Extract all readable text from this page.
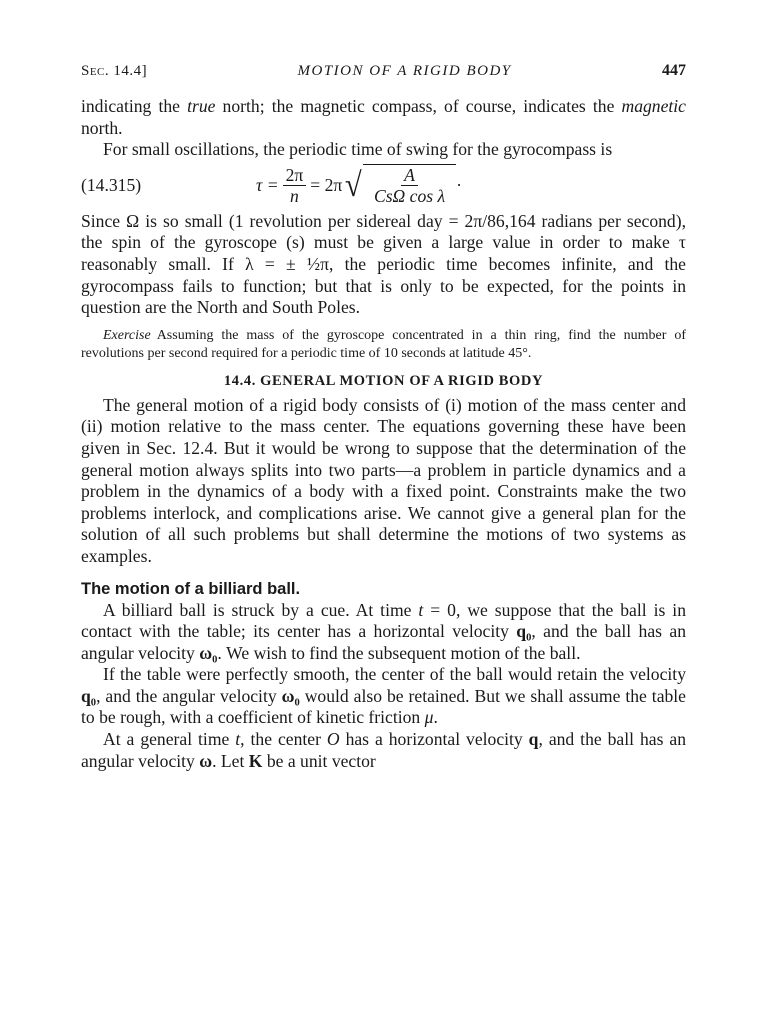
Sec. 14.4]	MOTION OF A RIGID BODY	447

indicating the true north; the magnetic compass, of course, indicates the magnetic north.

For small oscillations, the periodic time of swing for the gyrocompass is

(14.315)	$\tau = \frac{2\pi}{n} = 2\pi$ √ $\frac{A}{\text{CsΩ cos λ}}$ ·

Since Ω is so small (1 revolution per sidereal day = 2π/86,164 radians per second), the spin of the gyroscope (s) must be given a large value in order to make τ reasonably small. If λ = ± ½π, the periodic time becomes infinite, and the gyrocompass fails to function; but that is only to be expected, for the points in question are the North and South Poles.

Exercise Assuming the mass of the gyroscope concentrated in a thin ring, find the number of revolutions per second required for a periodic time of 10 seconds at latitude 45°.

14.4. GENERAL MOTION OF A RIGID BODY

The general motion of a rigid body consists of (i) motion of the mass center and (ii) motion relative to the mass center. The equations governing these have been given in Sec. 12.4. But it would be wrong to suppose that the determination of the general motion always splits into two parts—a problem in particle dynamics and a problem in the dynamics of a body with a fixed point. Constraints make the two problems interlock, and complications arise. We cannot give a general plan for the solution of all such problems but shall determine the motions of two systems as examples.

The motion of a billiard ball.

A billiard ball is struck by a cue. At time t = 0, we suppose that the ball is in contact with the table; its center has a horizontal velocity q₀, and the ball has an angular velocity ω₀. We wish to find the subsequent motion of the ball.

If the table were perfectly smooth, the center of the ball would retain the velocity q₀, and the angular velocity ω₀ would also be retained. But we shall assume the table to be rough, with a coefficient of kinetic friction μ.

At a general time t, the center O has a horizontal velocity q, and the ball has an angular velocity ω. Let K be a unit vector
